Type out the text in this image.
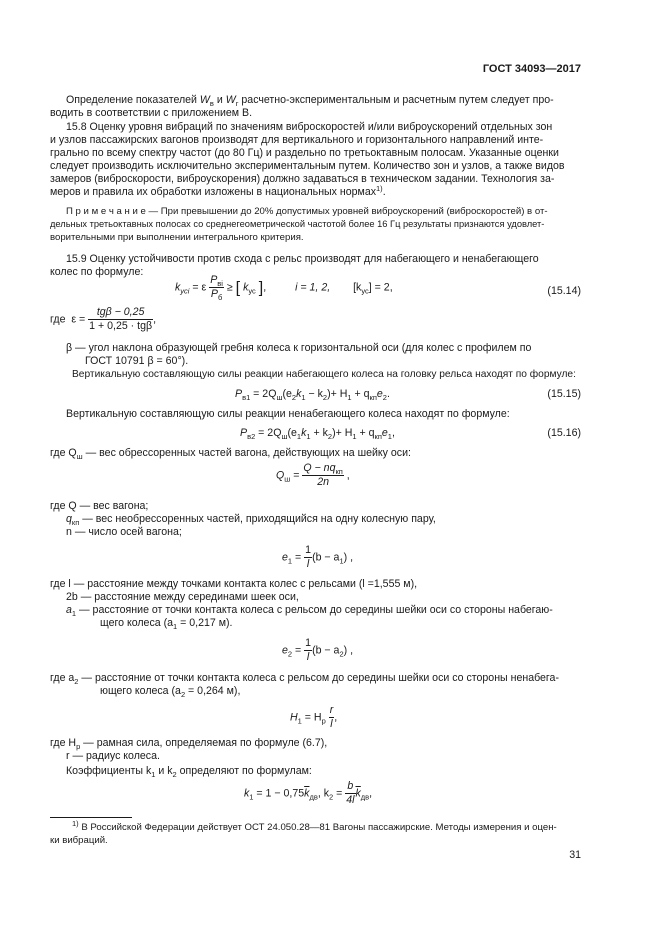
ГОСТ 34093—2017
Определение показателей $W_в$ и $W_г$ расчетно-экспериментальным и расчетным путем следует про-
водить в соответствии с приложением В.
15.8 Оценку уровня вибраций по значениям виброскоростей и/или виброускорений отдельных зон
и узлов пассажирских вагонов производят для вертикального и горизонтального направлений инте-
грально по всему спектру частот (до 80 Гц) и раздельно по третьоктавным полосам. Указанные оценки
следует производить исключительно экспериментальным путем. Количество зон и узлов, а также видов
замеров (виброскорости, виброускорения) должно задаваться в техническом задании. Технология за-
меров и правила их обработки изложены в национальных нормах$^{1)}$.
П р и м е ч а н и е — При превышении до 20% допустимых уровней виброускорений (виброскоростей) в от-
дельных третьоктавных полосах со среднегеометрической частотой более 16 Гц результаты признаются удовлет-
ворительными при выполнении интегрального критерия.
15.9 Оценку устойчивости против схода с рельс производят для набегающего и ненабегающего
колес по формуле:
$k_{усi} = \varepsilon \frac{P_{вi}}{P_б}$ ≥ [ $k_{ус}$ ],	i = 1, 2, $[k_{ус}] = 2$,	(15.14)
где $\varepsilon = \frac{\text{tgβ − 0,25}}{\text{1 + 0,25 · tgβ}}$ ,
β — угол наклона образующей гребня колеса к горизонтальной оси (для колес с профилем по
ГОСТ 10791 β = 60°).
Вертикальную составляющую силы реакции набегающего колеса на головку рельса находят по формуле:
$P_{в1} = 2Q_ш(e_2k_1 - k_2)+ H_1 + q_{кп}e_2$.	(15.15)
Вертикальную составляющую силы реакции ненабегающего колеса находят по формуле:
$P_{в2} = 2Q_ш(e_1k_1 + k_2)+ H_1 + q_{кп}e_1$,	(15.16)
где $Q_ш$ — вес обрессоренных частей вагона, действующих на шейку оси:
$Q_ш = \frac{Q - nq_{кп}}{2n}$ ,
где Q — вес вагона;
$q_{кп}$ — вес необрессоренных частей, приходящийся на одну колесную пару,
n — число осей вагона;
$e_1 = \frac{1}{l} (b - a_1)$ ,
где l — расстояние между точками контакта колес с рельсами (l =1,555 м),
2b — расстояние между серединами шеек оси,
$a_1$ — расстояние от точки контакта колеса с рельсом до середины шейки оси со стороны набегаю-
щего колеса ($a_1 = 0,217$ м).
$e_2 = \frac{1}{l} (b - a_2)$ ,
где $a_2$ — расстояние от точки контакта колеса с рельсом до середины шейки оси со стороны ненабега-
ющего колеса ($a_2 = 0,264$ м),
$H_1 = H_р \frac{r}{l}$ ,
где $H_р$ — рамная сила, определяемая по формуле (6.7),
r — радиус колеса.
Коэффициенты $k_1$ и $k_2$ определяют по формулам:
$k_1 = 1 - 0,75\overline{k}_{дв}$, $k_2 = \frac{b}{4l} \overline{k}_{дв}$,
$^{1)}$ В Российской Федерации действует ОСТ 24.050.28—81 Вагоны пассажирские. Методы измерения и оцен-
ки вибраций.
31
